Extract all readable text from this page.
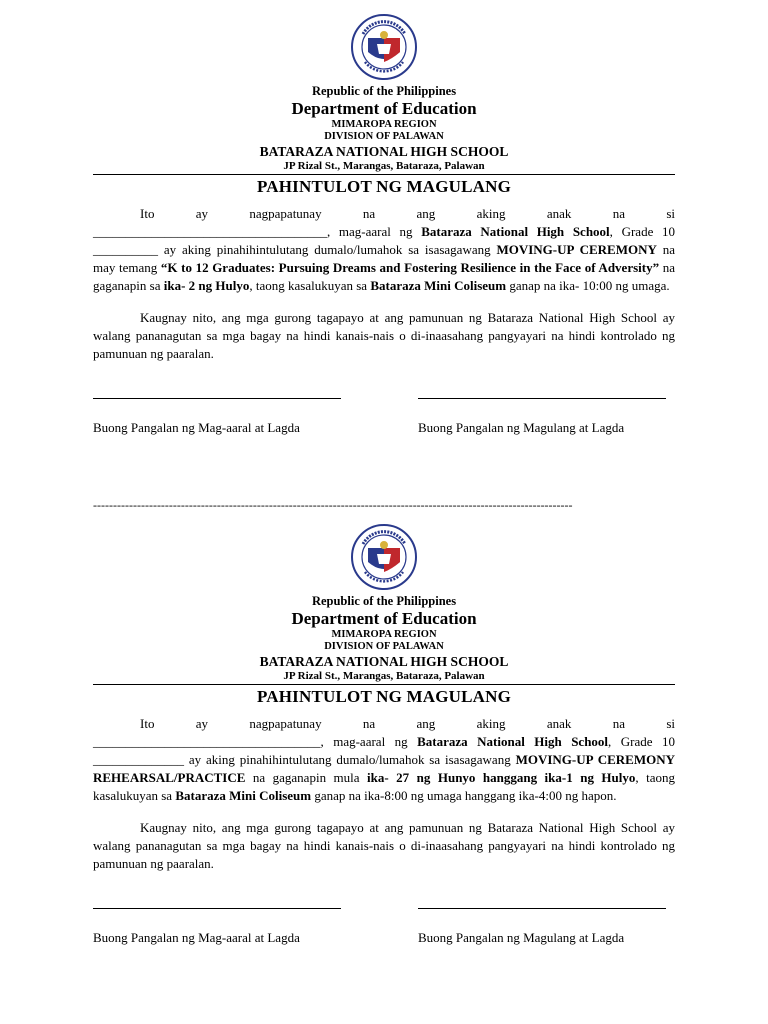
Republic of the Philippines
Department of Education
MIMAROPA REGION
DIVISION OF PALAWAN
BATARAZA NATIONAL HIGH SCHOOL
JP Rizal St., Marangas, Bataraza, Palawan
PAHINTULOT NG MAGULANG
Ito ay nagpapatunay na ang aking anak na si
____________________________________, mag-aaral ng Bataraza National High School, Grade 10 __________ ay aking pinahihintulutang dumalo/lumahok sa isasagawang MOVING-UP CEREMONY na may temang “K to 12 Graduates: Pursuing Dreams and Fostering Resilience in the Face of Adversity” na gaganapin sa ika- 2 ng Hulyo, taong kasalukuyan sa Bataraza Mini Coliseum ganap na ika- 10:00 ng umaga.
Kaugnay nito, ang mga gurong tagapayo at ang pamunuan ng Bataraza National High School ay walang pananagutan sa mga bagay na hindi kanais-nais o di-inaasahang pangyayari na hindi kontrolado ng pamunuan ng paaralan.
Buong Pangalan ng Mag-aaral at Lagda	Buong Pangalan ng Magulang at Lagda
------------------------------------------------------------------------------------------------------------------------
Republic of the Philippines
Department of Education
MIMAROPA REGION
DIVISION OF PALAWAN
BATARAZA NATIONAL HIGH SCHOOL
JP Rizal St., Marangas, Bataraza, Palawan
PAHINTULOT NG MAGULANG
Ito ay nagpapatunay na ang aking anak na si
___________________________________, mag-aaral ng Bataraza National High School, Grade 10 ______________ ay aking pinahihintulutang dumalo/lumahok sa isasagawang MOVING-UP CEREMONY REHEARSAL/PRACTICE na gaganapin mula ika- 27 ng Hunyo hanggang ika-1 ng Hulyo, taong kasalukuyan sa Bataraza Mini Coliseum ganap na ika-8:00 ng umaga hanggang ika-4:00 ng hapon.
Kaugnay nito, ang mga gurong tagapayo at ang pamunuan ng Bataraza National High School ay walang pananagutan sa mga bagay na hindi kanais-nais o di-inaasahang pangyayari na hindi kontrolado ng pamunuan ng paaralan.
Buong Pangalan ng Mag-aaral at Lagda	Buong Pangalan ng Magulang at Lagda
